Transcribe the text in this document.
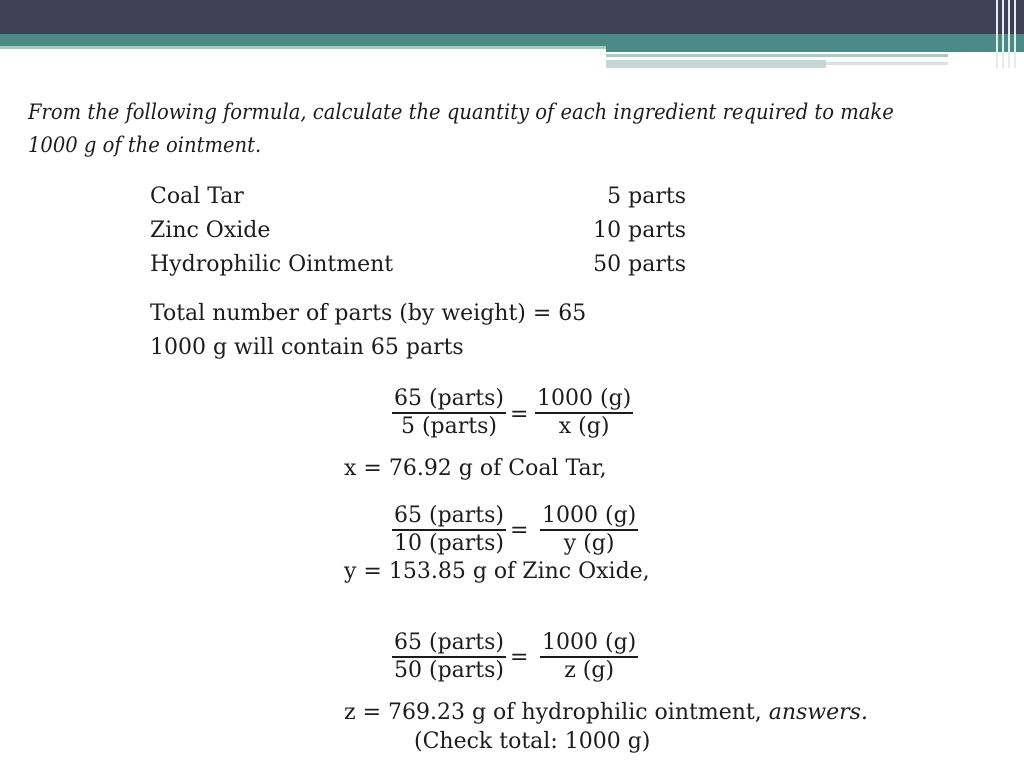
From the following formula, calculate the quantity of each ingredient required to make 1000 g of the ointment.

Coal Tar	5 parts
Zinc Oxide	10 parts
Hydrophilic Ointment	50 parts
Total number of parts (by weight) = 65
1000 g will contain 65 parts
65 (parts)
5 (parts) = $\frac{1000 (g)}{x (g)}$
x = 76.92 g of Coal Tar,
65 (parts)
10 (parts)
= $\frac{1000 (g)}{y (g)}$
y = 153.85 g of Zinc Oxide,
65 (parts)
50 (parts)
= $\frac{1000 (g)}{z (g)}$
z = 769.23 g of hydrophilic ointment, answers.
(Check total: 1000 g)
